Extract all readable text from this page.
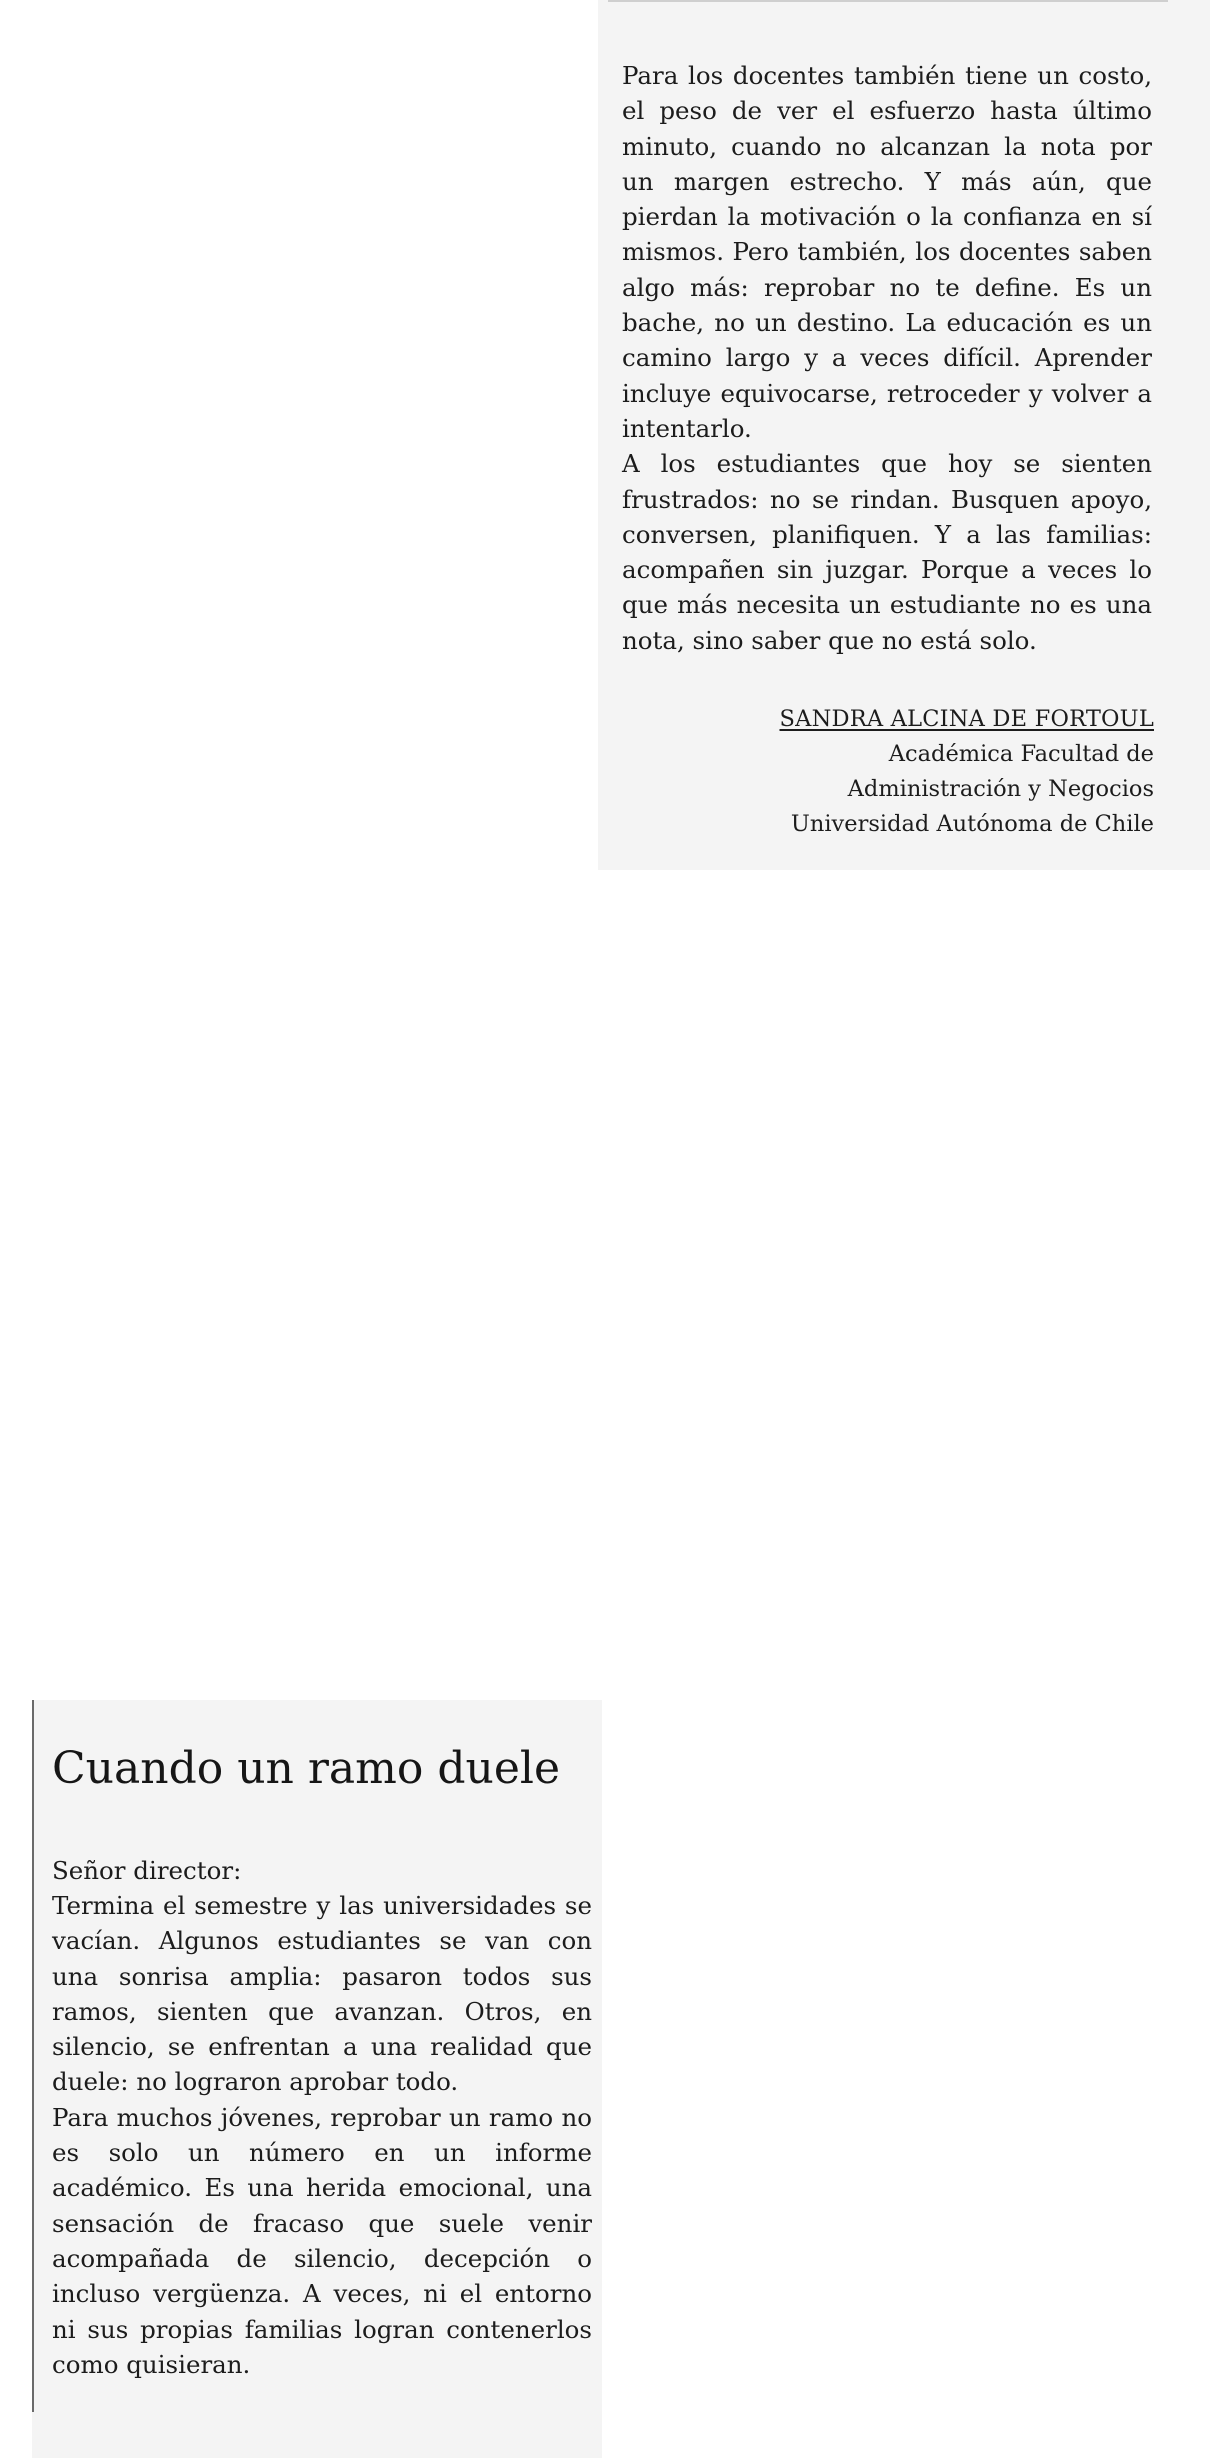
Para los docentes también tiene un costo, el peso de ver el esfuerzo hasta último minuto, cuando no alcanzan la nota por un margen estrecho. Y más aún, que pierdan la motivación o la confianza en sí mismos. Pero también, los docentes saben algo más: reprobar no te define. Es un bache, no un destino. La educación es un camino largo y a veces difícil. Aprender incluye equivocarse, retroceder y volver a intentarlo.

A los estudiantes que hoy se sienten frustrados: no se rindan. Busquen apoyo, conversen, planifiquen. Y a las familias: acompañen sin juzgar. Porque a veces lo que más necesita un estudiante no es una nota, sino saber que no está solo.

SANDRA ALCINA DE FORTOUL
Académica Facultad de
Administración y Negocios
Universidad Autónoma de Chile
Cuando un ramo duele
Señor director:

Termina el semestre y las universidades se vacían. Algunos estudiantes se van con una sonrisa amplia: pasaron todos sus ramos, sienten que avanzan. Otros, en silencio, se enfrentan a una realidad que duele: no lograron aprobar todo.

Para muchos jóvenes, reprobar un ramo no es solo un número en un informe académico. Es una herida emocional, una sensación de fracaso que suele venir acompañada de silencio, decepción o incluso vergüenza. A veces, ni el entorno ni sus propias familias logran contenerlos como quisieran.
